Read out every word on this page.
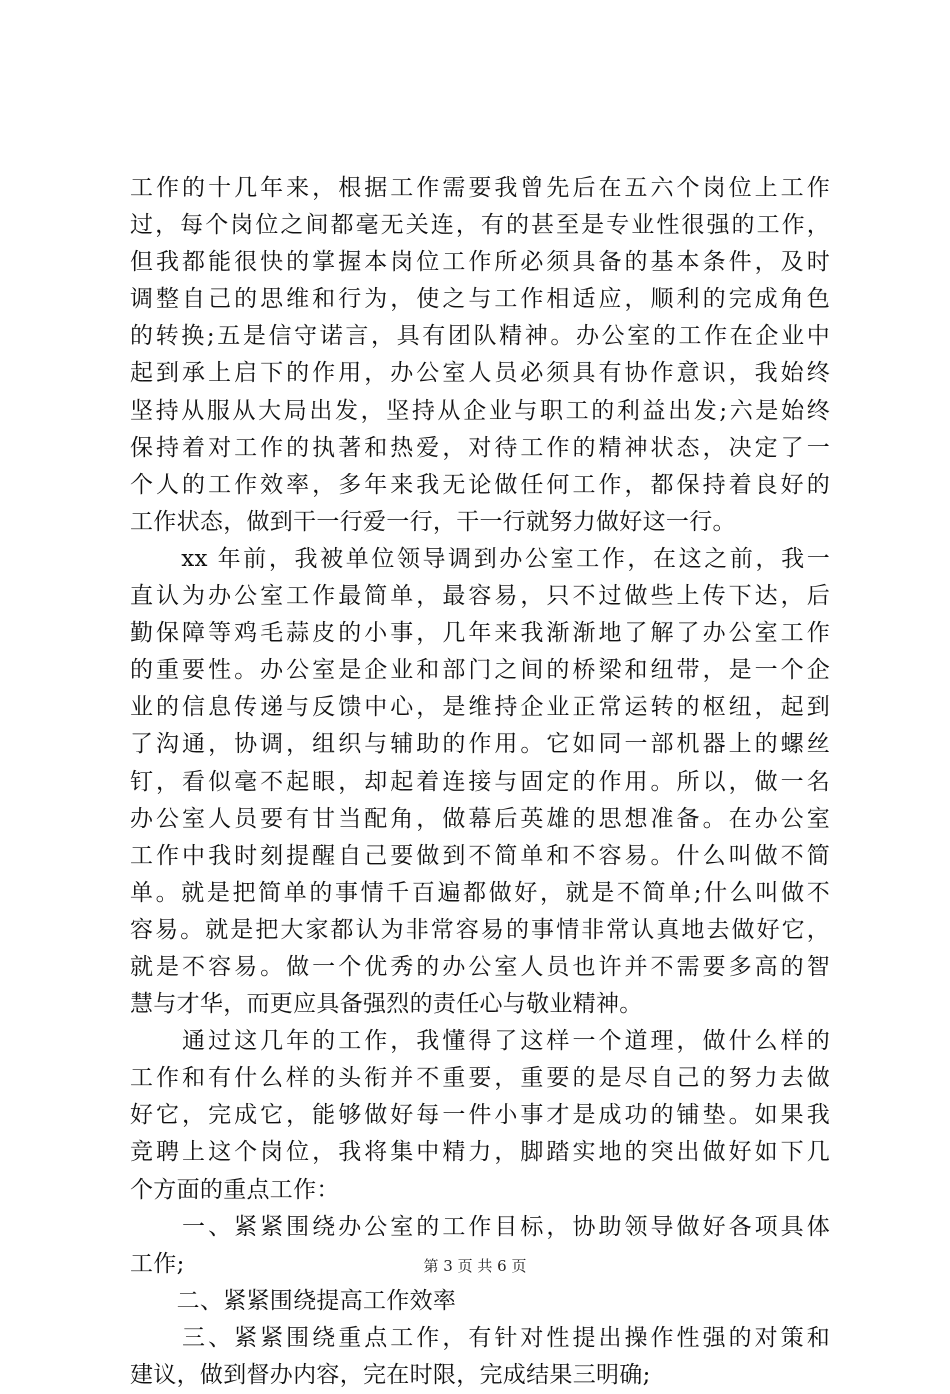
工作的十几年来，根据工作需要我曾先后在五六个岗位上工作
过，每个岗位之间都毫无关连，有的甚至是专业性很强的工作，
但我都能很快的掌握本岗位工作所必须具备的基本条件，及时
调整自己的思维和行为，使之与工作相适应，顺利的完成角色
的转换;五是信守诺言，具有团队精神。办公室的工作在企业中
起到承上启下的作用，办公室人员必须具有协作意识，我始终
坚持从服从大局出发，坚持从企业与职工的利益出发;六是始终
保持着对工作的执著和热爱，对待工作的精神状态，决定了一
个人的工作效率，多年来我无论做任何工作，都保持着良好的
工作状态，做到干一行爱一行，干一行就努力做好这一行。
　　xx 年前，我被单位领导调到办公室工作，在这之前，我一
直认为办公室工作最简单，最容易，只不过做些上传下达，后
勤保障等鸡毛蒜皮的小事，几年来我渐渐地了解了办公室工作
的重要性。办公室是企业和部门之间的桥梁和纽带，是一个企
业的信息传递与反馈中心，是维持企业正常运转的枢纽，起到
了沟通，协调，组织与辅助的作用。它如同一部机器上的螺丝
钉，看似毫不起眼，却起着连接与固定的作用。所以，做一名
办公室人员要有甘当配角，做幕后英雄的思想准备。在办公室
工作中我时刻提醒自己要做到不简单和不容易。什么叫做不简
单。就是把简单的事情千百遍都做好，就是不简单;什么叫做不
容易。就是把大家都认为非常容易的事情非常认真地去做好它，
就是不容易。做一个优秀的办公室人员也许并不需要多高的智
慧与才华，而更应具备强烈的责任心与敬业精神。
　　通过这几年的工作，我懂得了这样一个道理，做什么样的
工作和有什么样的头衔并不重要，重要的是尽自己的努力去做
好它，完成它，能够做好每一件小事才是成功的铺垫。如果我
竞聘上这个岗位，我将集中精力，脚踏实地的突出做好如下几
个方面的重点工作：
　　一、紧紧围绕办公室的工作目标，协助领导做好各项具体
工作;
　　二、紧紧围绕提高工作效率
　　三、紧紧围绕重点工作，有针对性提出操作性强的对策和
建议，做到督办内容，完在时限，完成结果三明确;
第 3 页 共 6 页
